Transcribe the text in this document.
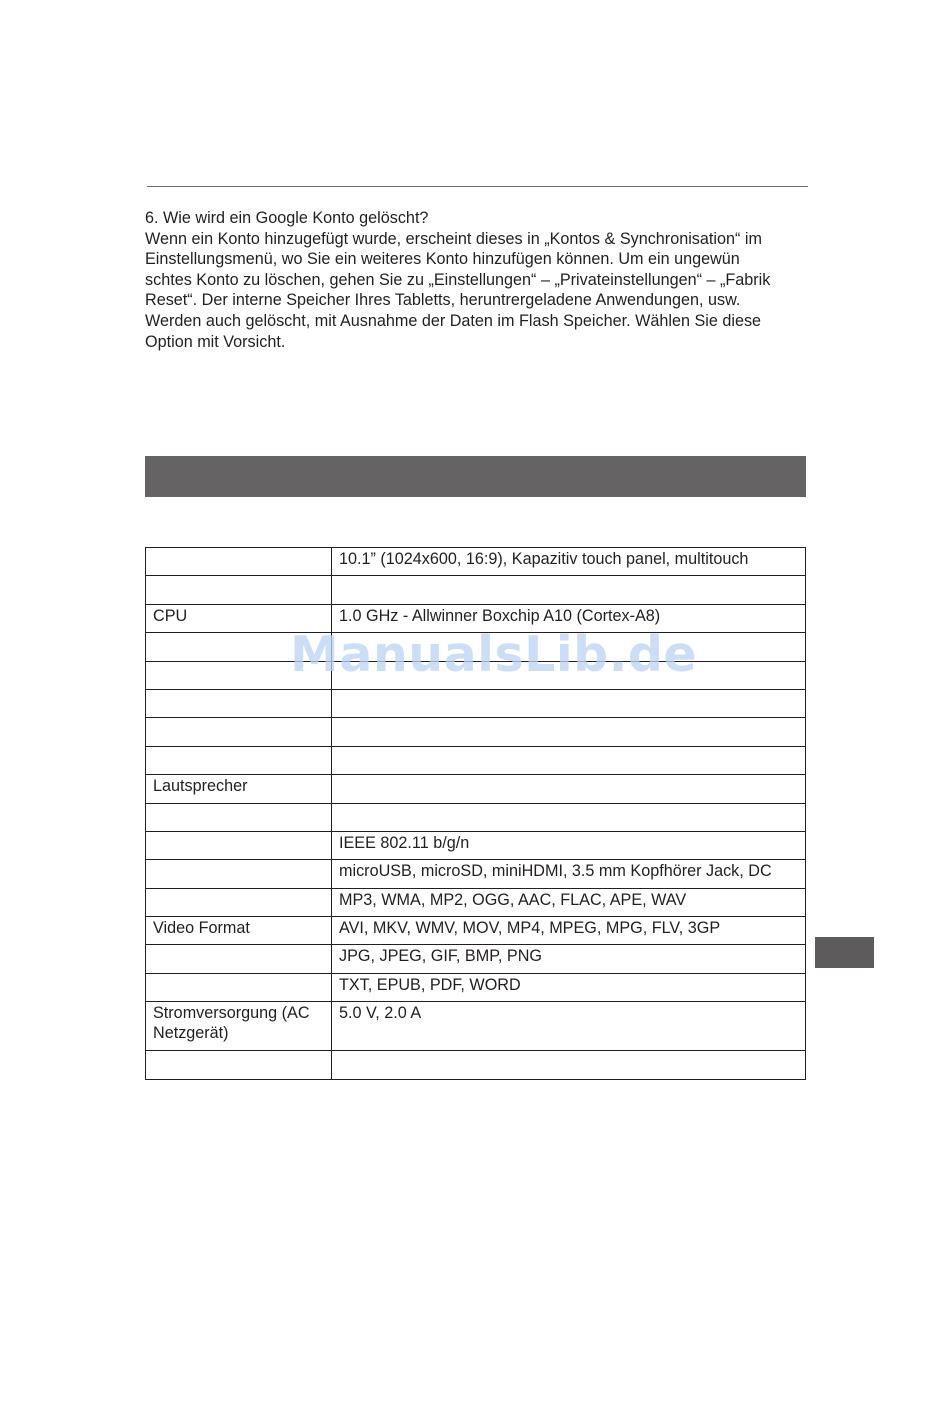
6. Wie wird ein Google Konto gelöscht?

Wenn ein Konto hinzugefügt wurde, erscheint dieses in „Kontos & Synchronisation“ im

Einstellungsmenü, wo Sie ein weiteres Konto hinzufügen können. Um ein ungewün

schtes Konto zu löschen, gehen Sie zu „Einstellungen“ – „Privateinstellungen“ – „Fabrik

Reset“. Der interne Speicher Ihres Tabletts, heruntrergeladene Anwendungen, usw.

Werden auch gelöscht, mit Ausnahme der Daten im Flash Speicher. Wählen Sie diese

Option mit Vorsicht.

	10.1” (1024x600, 16:9), Kapazitiv touch panel, multitouch

CPU	1.0 GHz - Allwinner Boxchip A10 (Cortex-A8)

Lautsprecher	

	IEEE 802.11 b/g/n
	microUSB, microSD, miniHDMI, 3.5 mm Kopfhörer Jack, DC
	MP3, WMA, MP2, OGG, AAC, FLAC, APE, WAV
Video Format	AVI, MKV, WMV, MOV, MP4, MPEG, MPG, FLV, 3GP
	JPG, JPEG, GIF, BMP, PNG
	TXT, EPUB, PDF, WORD
Stromversorgung (AC Netzgerät)	5.0 V, 2.0 A

ManualsLib.de
